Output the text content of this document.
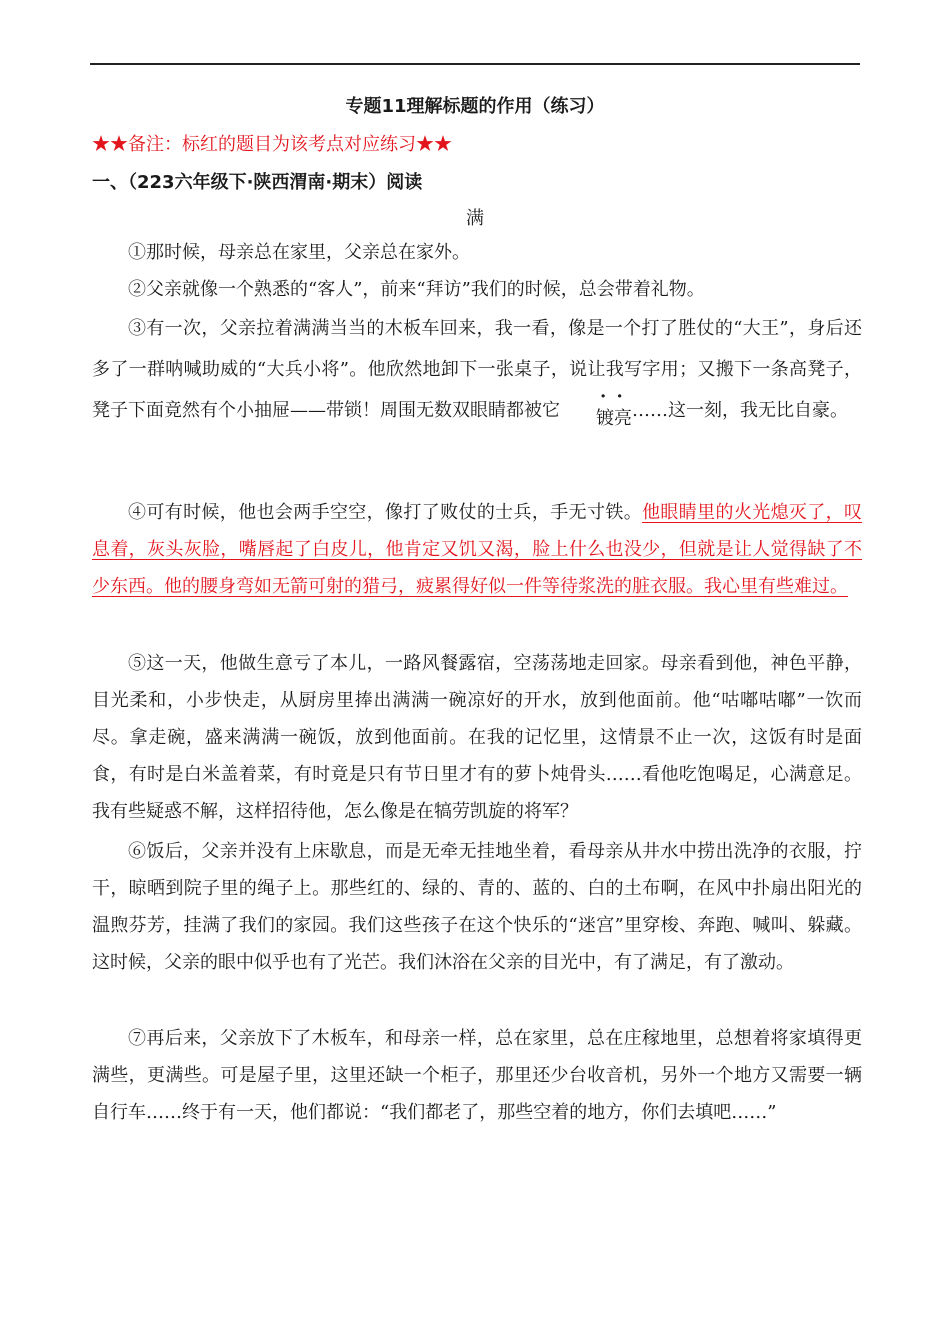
专题11理解标题的作用（练习）
★★备注：标红的题目为该考点对应练习★★
一、（223六年级下·陕西渭南·期末）阅读
满
①那时候，母亲总在家里，父亲总在家外。
②父亲就像一个熟悉的“客人”，前来“拜访”我们的时候，总会带着礼物。
③有一次，父亲拉着满满当当的木板车回来，我一看，像是一个打了胜仗的“大王”，身后还多了一群呐喊助威的“大兵小将”。他欣然地卸下一张桌子，说让我写字用；又搬下一条高凳子，凳子下面竟然有个小抽屉——带锁！周围无数双眼睛都被它· · 镀亮……这一刻，我无比自豪。
④可有时候，他也会两手空空，像打了败仗的士兵，手无寸铁。他眼睛里的火光熄灭了，叹息着，灰头灰脸，嘴唇起了白皮儿，他肯定又饥又渴，脸上什么也没少，但就是让人觉得缺了不少东西。他的腰身弯如无箭可射的猎弓，疲累得好似一件等待浆洗的脏衣服。我心里有些难过。
⑤这一天，他做生意亏了本儿，一路风餐露宿，空荡荡地走回家。母亲看到他，神色平静，目光柔和，小步快走，从厨房里捧出满满一碗凉好的开水，放到他面前。他“咕嘟咕嘟”一饮而尽。拿走碗，盛来满满一碗饭，放到他面前。在我的记忆里，这情景不止一次，这饭有时是面食，有时是白米盖着菜，有时竟是只有节日里才有的萝卜炖骨头……看他吃饱喝足，心满意足。我有些疑惑不解，这样招待他，怎么像是在犒劳凯旋的将军？
⑥饭后，父亲并没有上床歇息，而是无牵无挂地坐着，看母亲从井水中捞出洗净的衣服，拧干，晾晒到院子里的绳子上。那些红的、绿的、青的、蓝的、白的土布啊，在风中扑扇出阳光的温煦芬芳，挂满了我们的家园。我们这些孩子在这个快乐的“迷宫”里穿梭、奔跑、喊叫、躲藏。这时候，父亲的眼中似乎也有了光芒。我们沐浴在父亲的目光中，有了满足，有了激动。
⑦再后来，父亲放下了木板车，和母亲一样，总在家里，总在庄稼地里，总想着将家填得更满些，更满些。可是屋子里，这里还缺一个柜子，那里还少台收音机，另外一个地方又需要一辆自行车……终于有一天，他们都说：“我们都老了，那些空着的地方，你们去填吧……”
